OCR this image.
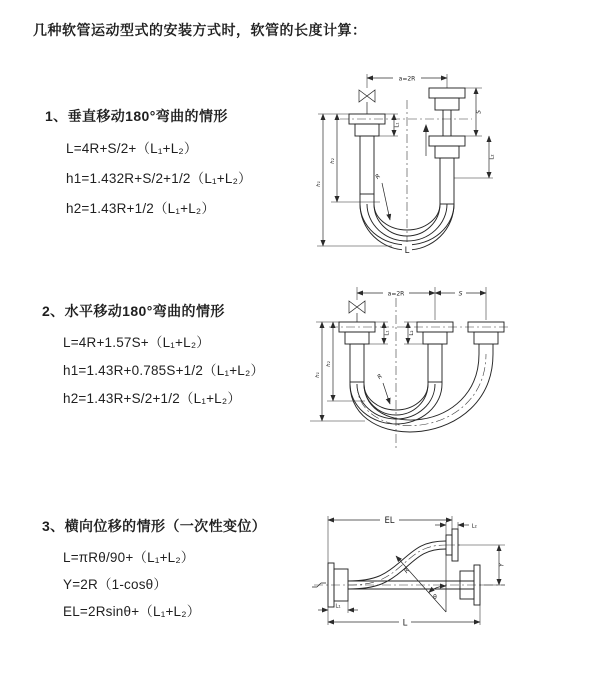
几种软管运动型式的安装方式时，软管的长度计算：
1、垂直移动180°弯曲的情形
L=4R+S/2+（L₁+L₂）
h1=1.432R+S/2+1/2（L₁+L₂）
h2=1.43R+1/2（L₁+L₂）
a=2R
L₁
S
L₂
h₁
h₂
R
L
2、水平移动180°弯曲的情形
L=4R+1.57S+（L₁+L₂）
h1=1.43R+0.785S+1/2（L₁+L₂）
h2=1.43R+S/2+1/2（L₁+L₂）
a=2R	S
L₁	L₂
h₁
h₂
R
3、横向位移的情形（一次性变位）
L=πRθ/90+（L₁+L₂）
Y=2R（1-cosθ）
EL=2Rsinθ+（L₁+L₂）
EL
L₂
Y
R
θ
L₁
L
